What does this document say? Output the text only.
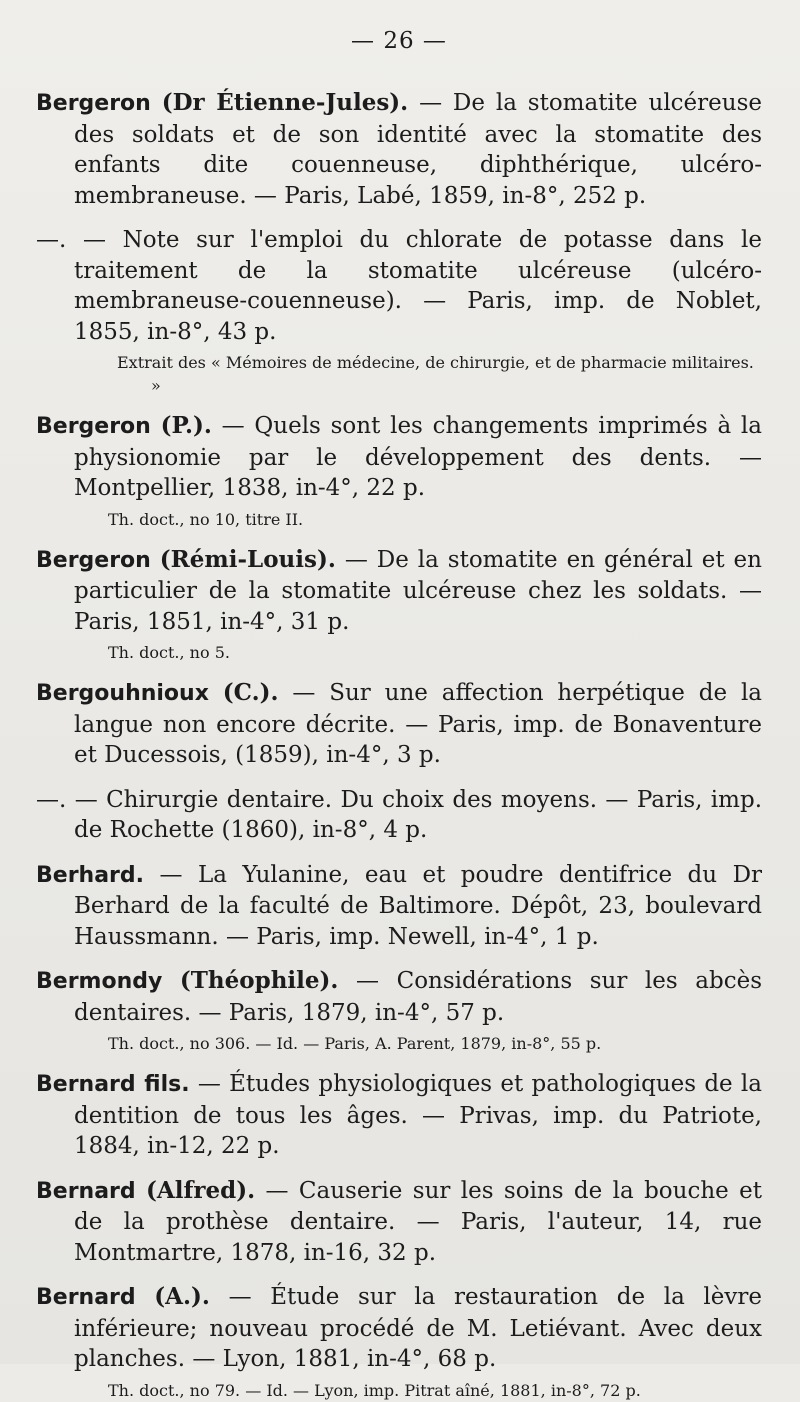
— 26 —
Bergeron (Dr Étienne-Jules). — De la stomatite ulcéreuse des soldats et de son identité avec la stomatite des enfants dite couenneuse, diphthérique, ulcéro-membraneuse. — Paris, Labé, 1859, in-8°, 252 p.
—. — Note sur l'emploi du chlorate de potasse dans le traitement de la stomatite ulcéreuse (ulcéro-membraneuse-couenneuse). — Paris, imp. de Noblet, 1855, in-8°, 43 p.
Extrait des « Mémoires de médecine, de chirurgie, et de pharmacie militaires. »
Bergeron (P.). — Quels sont les changements imprimés à la physionomie par le développement des dents. — Montpellier, 1838, in-4°, 22 p.
Th. doct., no 10, titre II.
Bergeron (Rémi-Louis). — De la stomatite en général et en particulier de la stomatite ulcéreuse chez les soldats. — Paris, 1851, in-4°, 31 p.
Th. doct., no 5.
Bergouhnioux (C.). — Sur une affection herpétique de la langue non encore décrite. — Paris, imp. de Bonaventure et Ducessois, (1859), in-4°, 3 p.
—. — Chirurgie dentaire. Du choix des moyens. — Paris, imp. de Rochette (1860), in-8°, 4 p.
Berhard. — La Yulanine, eau et poudre dentifrice du Dr Berhard de la faculté de Baltimore. Dépôt, 23, boulevard Haussmann. — Paris, imp. Newell, in-4°, 1 p.
Bermondy (Théophile). — Considérations sur les abcès dentaires. — Paris, 1879, in-4°, 57 p.
Th. doct., no 306. — Id. — Paris, A. Parent, 1879, in-8°, 55 p.
Bernard fils. — Études physiologiques et pathologiques de la dentition de tous les âges. — Privas, imp. du Patriote, 1884, in-12, 22 p.
Bernard (Alfred). — Causerie sur les soins de la bouche et de la prothèse dentaire. — Paris, l'auteur, 14, rue Montmartre, 1878, in-16, 32 p.
Bernard (A.). — Étude sur la restauration de la lèvre inférieure; nouveau procédé de M. Letiévant. Avec deux planches. — Lyon, 1881, in-4°, 68 p.
Th. doct., no 79. — Id. — Lyon, imp. Pitrat aîné, 1881, in-8°, 72 p.
